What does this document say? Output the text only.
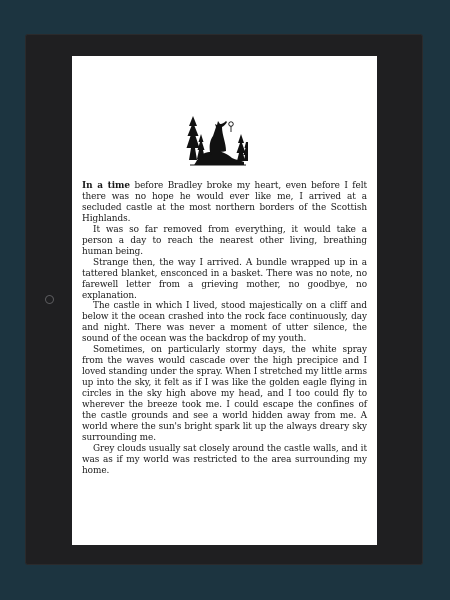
In a time before Bradley broke my heart, even before I felt there was no hope he would ever like me, I arrived at a secluded castle at the most northern borders of the Scottish Highlands.

It was so far removed from everything, it would take a person a day to reach the nearest other living, breathing human being.

Strange then, the way I arrived. A bundle wrapped up in a tattered blanket, ensconced in a basket. There was no note, no farewell letter from a grieving mother, no goodbye, no explanation.

The castle in which I lived, stood majestically on a cliff and below it the ocean crashed into the rock face continuously, day and night. There was never a moment of utter silence, the sound of the ocean was the backdrop of my youth.

Sometimes, on particularly stormy days, the white spray from the waves would cascade over the high precipice and I loved standing under the spray. When I stretched my little arms up into the sky, it felt as if I was like the golden eagle flying in circles in the sky high above my head, and I too could fly to wherever the breeze took me. I could escape the confines of the castle grounds and see a world hidden away from me. A world where the sun's bright spark lit up the always dreary sky surrounding me.

Grey clouds usually sat closely around the castle walls, and it was as if my world was restricted to the area surrounding my home.
